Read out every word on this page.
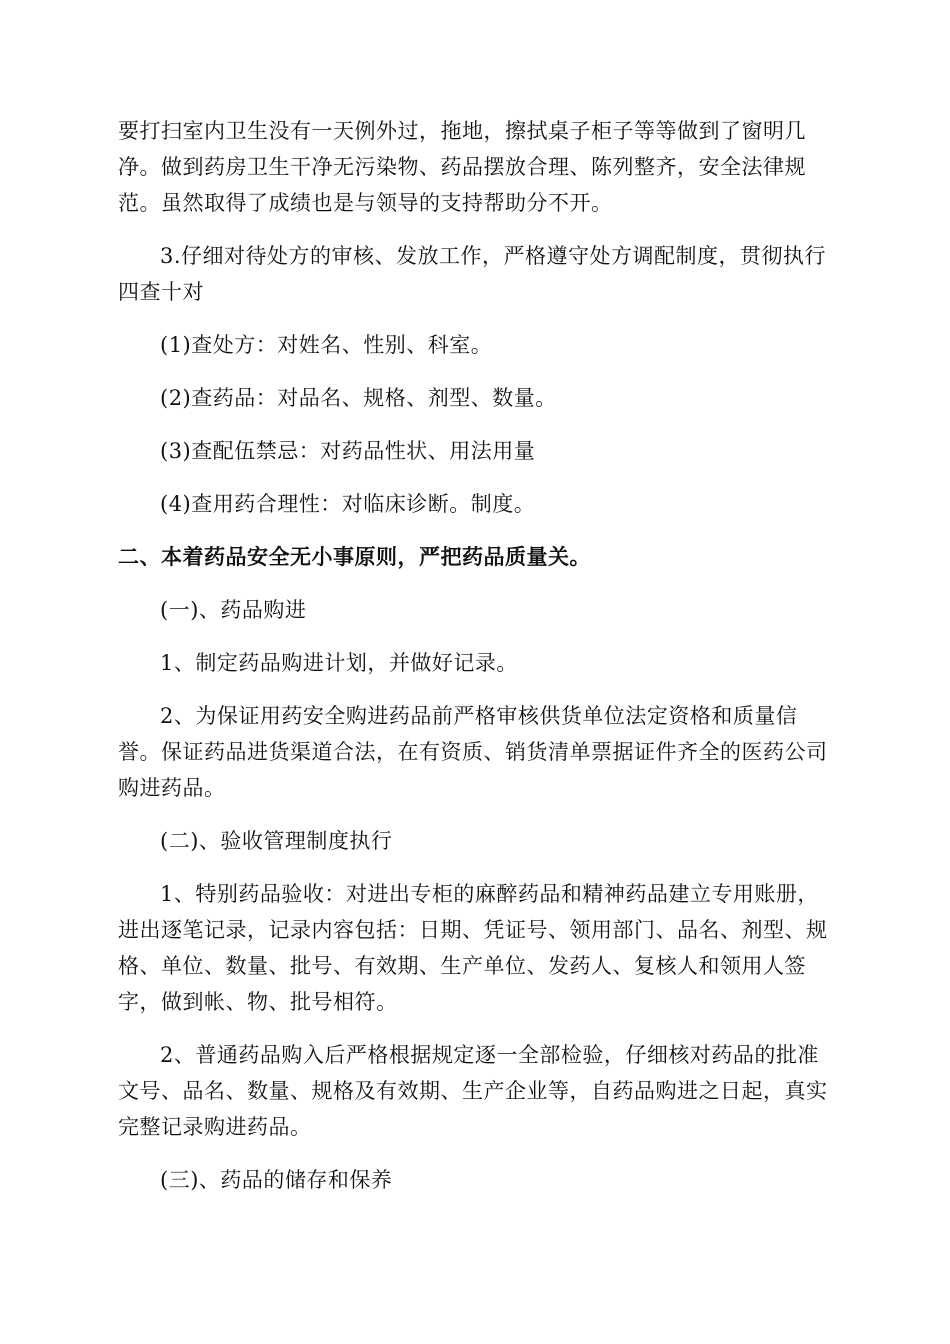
要打扫室内卫生没有一天例外过，拖地，擦拭桌子柜子等等做到了窗明几净。做到药房卫生干净无污染物、药品摆放合理、陈列整齐，安全法律规范。虽然取得了成绩也是与领导的支持帮助分不开。

3.仔细对待处方的审核、发放工作，严格遵守处方调配制度，贯彻执行四查十对

(1)查处方：对姓名、性别、科室。

(2)查药品：对品名、规格、剂型、数量。

(3)查配伍禁忌：对药品性状、用法用量

(4)查用药合理性：对临床诊断。制度。

二、本着药品安全无小事原则，严把药品质量关。

(一)、药品购进

1、制定药品购进计划，并做好记录。

2、为保证用药安全购进药品前严格审核供货单位法定资格和质量信誉。保证药品进货渠道合法，在有资质、销货清单票据证件齐全的医药公司购进药品。

(二)、验收管理制度执行

1、特别药品验收：对进出专柜的麻醉药品和精神药品建立专用账册，进出逐笔记录，记录内容包括：日期、凭证号、领用部门、品名、剂型、规格、单位、数量、批号、有效期、生产单位、发药人、复核人和领用人签字，做到帐、物、批号相符。

2、普通药品购入后严格根据规定逐一全部检验，仔细核对药品的批准文号、品名、数量、规格及有效期、生产企业等，自药品购进之日起，真实完整记录购进药品。

(三)、药品的储存和保养
